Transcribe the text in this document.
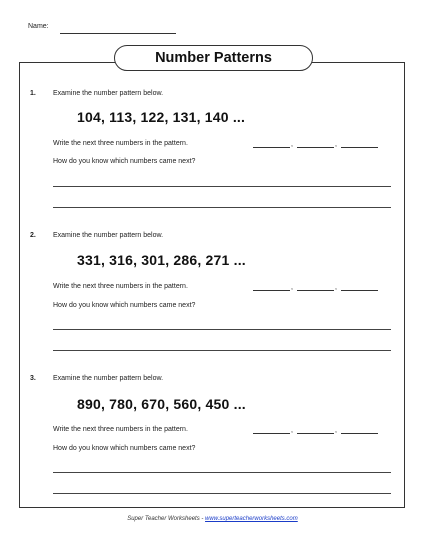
Name:
Number Patterns
1. Examine the number pattern below.
104, 113, 122, 131, 140 ...
Write the next three numbers in the pattern.	,	,
How do you know which numbers came next?
2. Examine the number pattern below.
331, 316, 301, 286, 271 ...
Write the next three numbers in the pattern.	,	,
How do you know which numbers came next?
3. Examine the number pattern below.
890, 780, 670, 560, 450 ...
Write the next three numbers in the pattern.	,	,
How do you know which numbers came next?
Super Teacher Worksheets - www.superteacherworksheets.com
